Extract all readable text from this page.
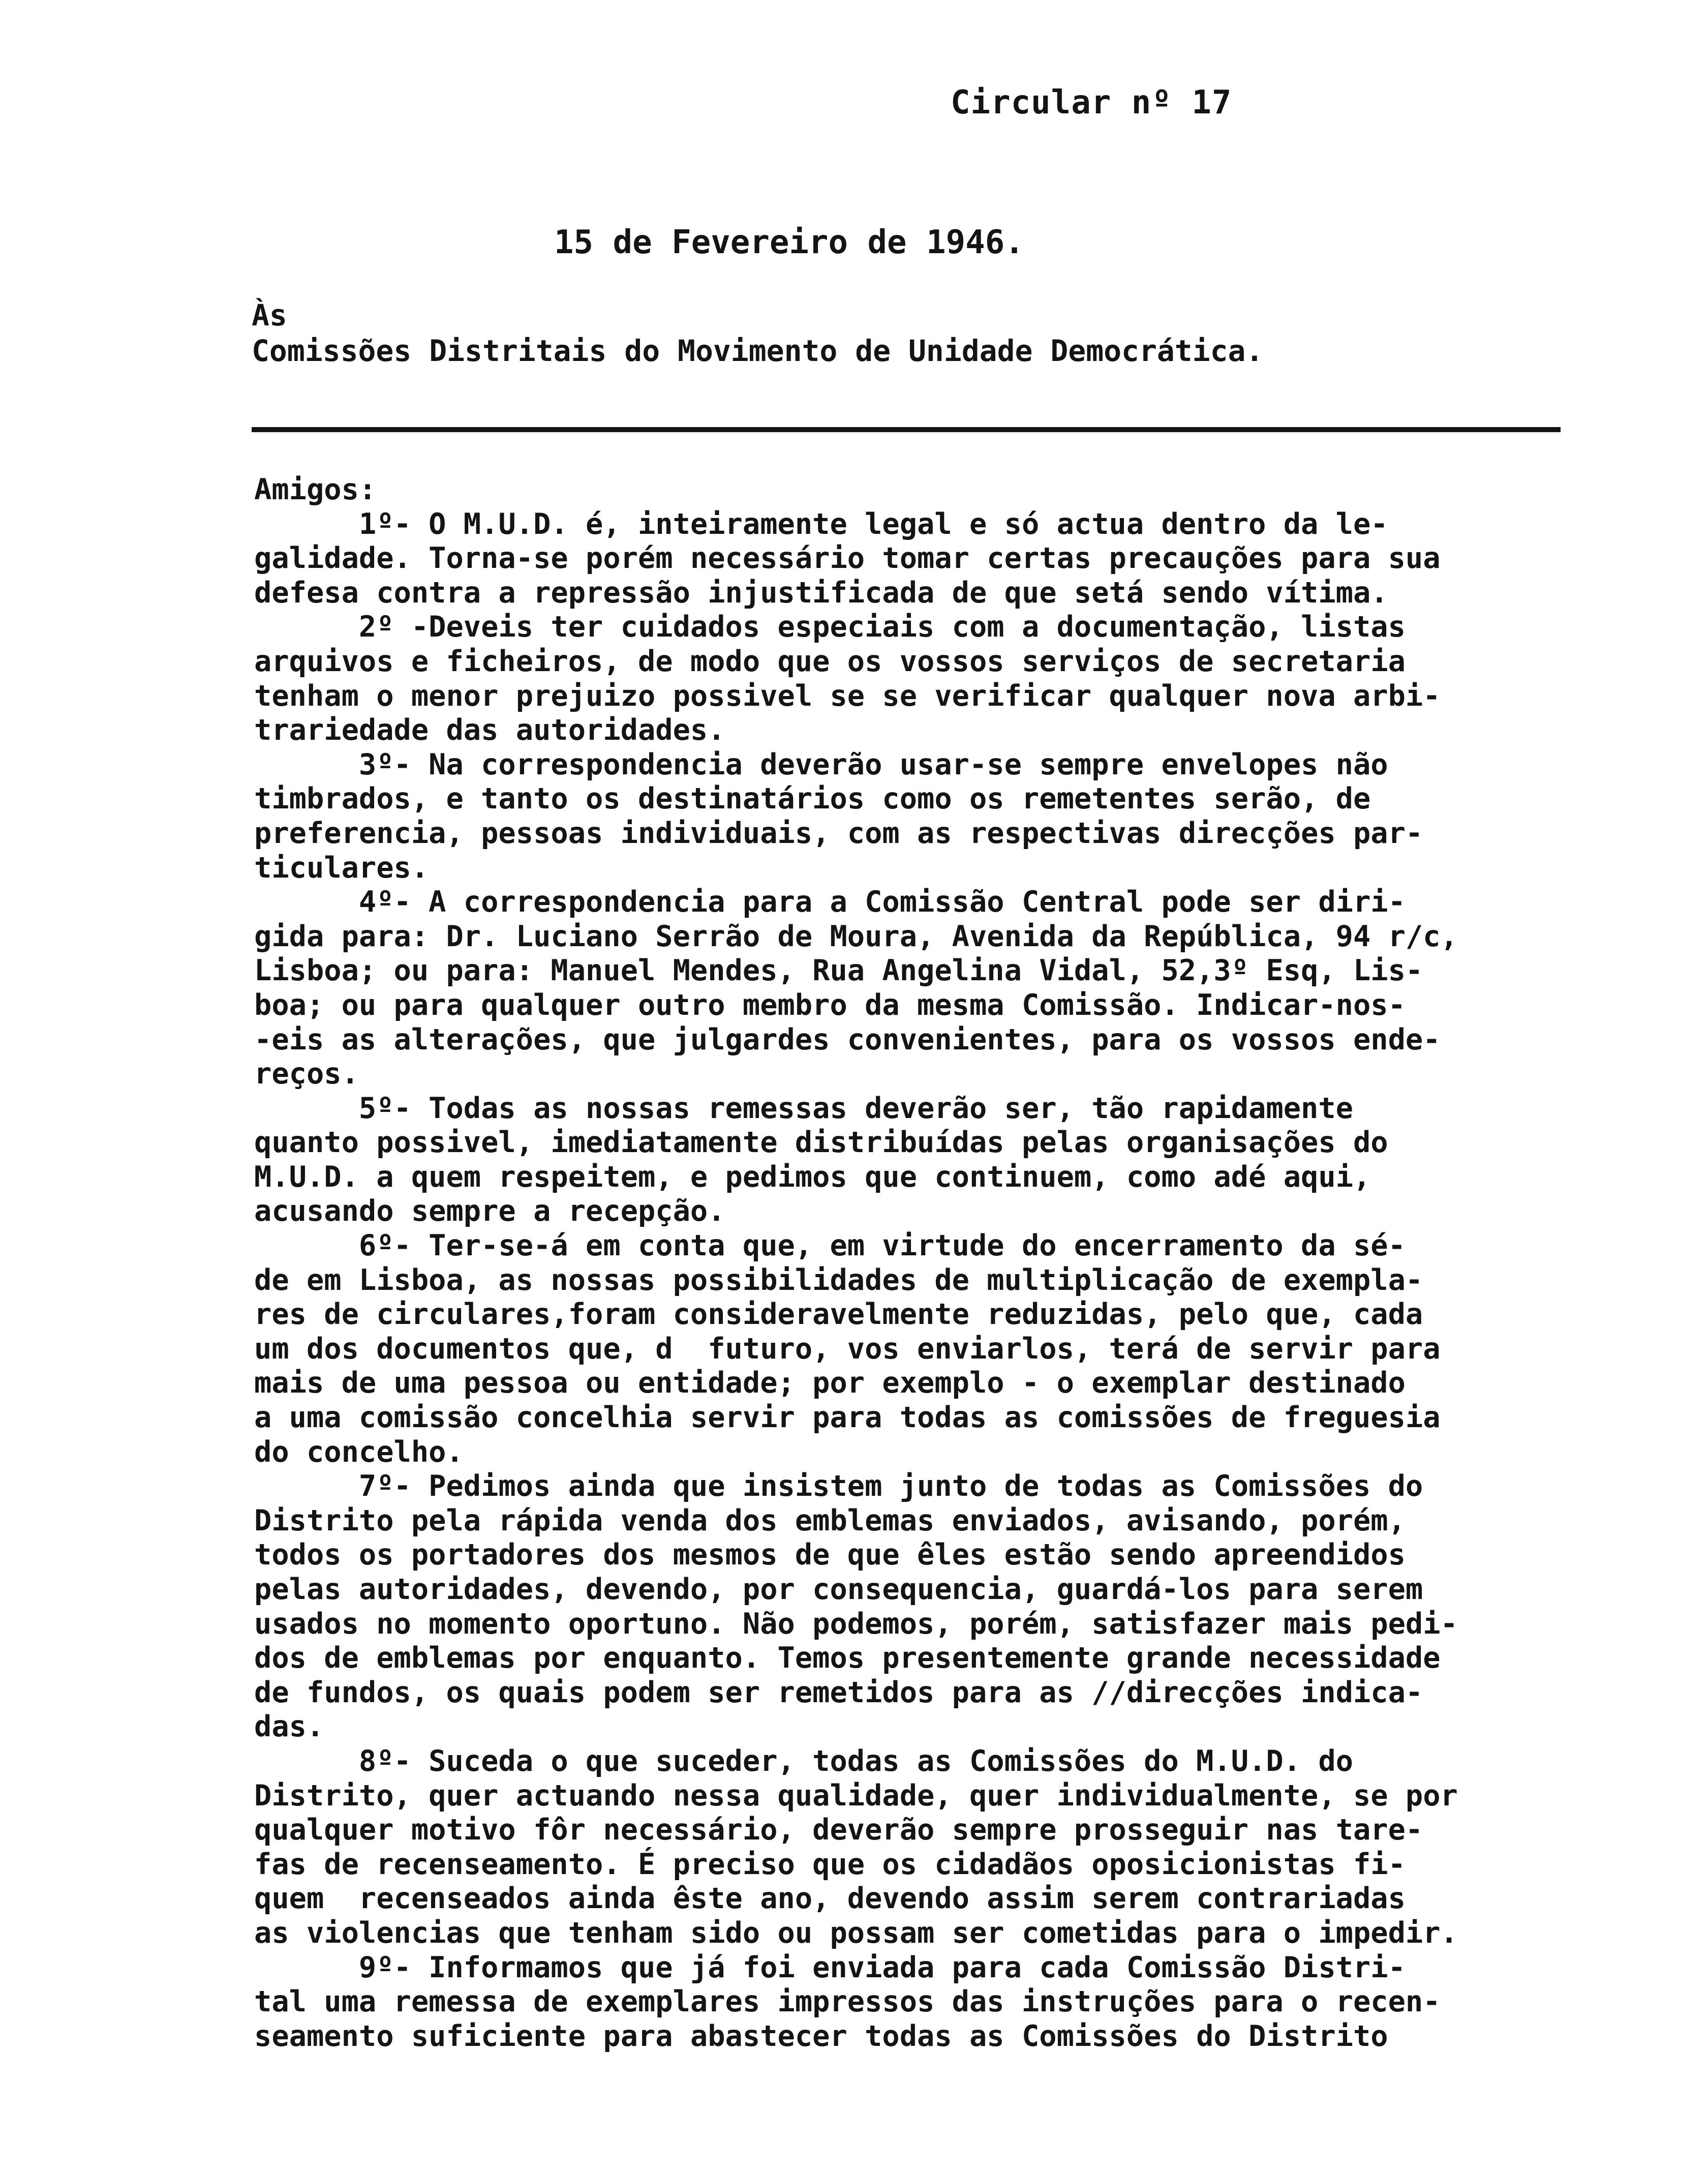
Circular nº 17
15 de Fevereiro de 1946.
Às
Comissões Distritais do Movimento de Unidade Democrática.
Amigos:
1º- O M.U.D. é, inteiramente legal e só actua dentro da le-
galidade. Torna-se porém necessário tomar certas precauções para sua
defesa contra a repressão injustificada de que setá sendo vítima.
2º -Deveis ter cuidados especiais com a documentação, listas
arquivos e ficheiros, de modo que os vossos serviços de secretaria
tenham o menor prejuizo possivel se se verificar qualquer nova arbi-
trariedade das autoridades.
3º- Na correspondencia deverão usar-se sempre envelopes não
timbrados, e tanto os destinatários como os remetentes serão, de
preferencia, pessoas individuais, com as respectivas direcções par-
ticulares.
4º- A correspondencia para a Comissão Central pode ser diri-
gida para: Dr. Luciano Serrão de Moura, Avenida da República, 94 r/c,
Lisboa; ou para: Manuel Mendes, Rua Angelina Vidal, 52,3º Esq, Lis-
boa; ou para qualquer outro membro da mesma Comissão. Indicar-nos-
-eis as alterações, que julgardes convenientes, para os vossos ende-
reços.
5º- Todas as nossas remessas deverão ser, tão rapidamente
quanto possivel, imediatamente distribuídas pelas organisações do
M.U.D. a quem respeitem, e pedimos que continuem, como adé aqui,
acusando sempre a recepção.
6º- Ter-se-á em conta que, em virtude do encerramento da sé-
de em Lisboa, as nossas possibilidades de multiplicação de exempla-
res de circulares,foram consideravelmente reduzidas, pelo que, cada
um dos documentos que, d  futuro, vos enviarlos, terá de servir para
mais de uma pessoa ou entidade; por exemplo - o exemplar destinado
a uma comissão concelhia servir para todas as comissões de freguesia
do concelho.
7º- Pedimos ainda que insistem junto de todas as Comissões do
Distrito pela rápida venda dos emblemas enviados, avisando, porém,
todos os portadores dos mesmos de que êles estão sendo apreendidos
pelas autoridades, devendo, por consequencia, guardá-los para serem
usados no momento oportuno. Não podemos, porém, satisfazer mais pedi-
dos de emblemas por enquanto. Temos presentemente grande necessidade
de fundos, os quais podem ser remetidos para as //direcções indica-
das.
8º- Suceda o que suceder, todas as Comissões do M.U.D. do
Distrito, quer actuando nessa qualidade, quer individualmente, se por
qualquer motivo fôr necessário, deverão sempre prosseguir nas tare-
fas de recenseamento. É preciso que os cidadãos oposicionistas fi-
quem  recenseados ainda êste ano, devendo assim serem contrariadas
as violencias que tenham sido ou possam ser cometidas para o impedir.
9º- Informamos que já foi enviada para cada Comissão Distri-
tal uma remessa de exemplares impressos das instruções para o recen-
seamento suficiente para abastecer todas as Comissões do Distrito
